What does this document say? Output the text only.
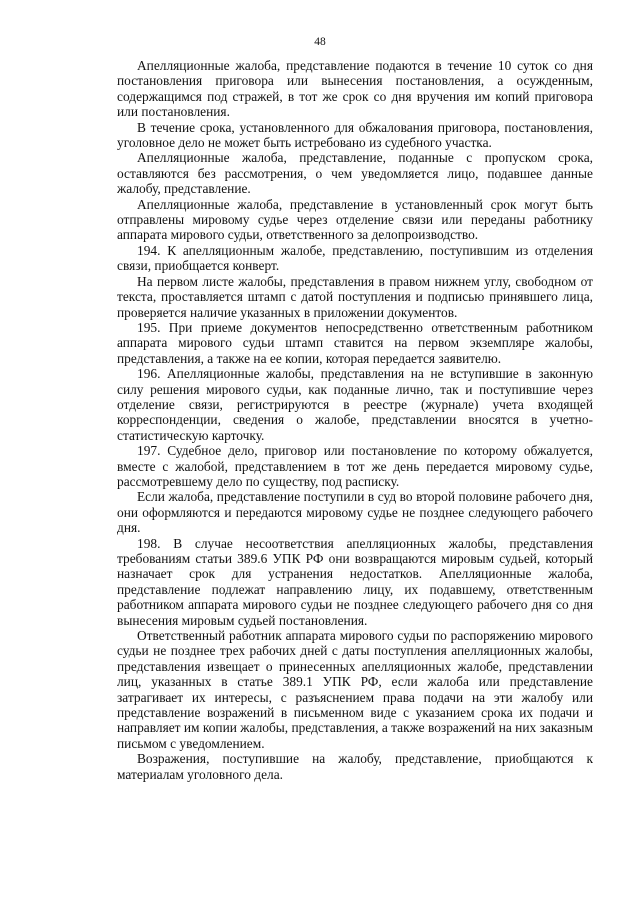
48

Апелляционные жалоба, представление подаются в течение 10 суток со дня постановления приговора или вынесения постановления, а осужденным, содержащимся под стражей, в тот же срок со дня вручения им копий приговора или постановления.

В течение срока, установленного для обжалования приговора, постановления, уголовное дело не может быть истребовано из судебного участка.

Апелляционные жалоба, представление, поданные с пропуском срока, оставляются без рассмотрения, о чем уведомляется лицо, подавшее данные жалобу, представление.

Апелляционные жалоба, представление в установленный срок могут быть отправлены мировому судье через отделение связи или переданы работнику аппарата мирового судьи, ответственного за делопроизводство.

194. К апелляционным жалобе, представлению, поступившим из отделения связи, приобщается конверт.

На первом листе жалобы, представления в правом нижнем углу, свободном от текста, проставляется штамп с датой поступления и подписью принявшего лица, проверяется наличие указанных в приложении документов.

195. При приеме документов непосредственно ответственным работником аппарата мирового судьи штамп ставится на первом экземпляре жалобы, представления, а также на ее копии, которая передается заявителю.

196. Апелляционные жалобы, представления на не вступившие в законную силу решения мирового судьи, как поданные лично, так и поступившие через отделение связи, регистрируются в реестре (журнале) учета входящей корреспонденции, сведения о жалобе, представлении вносятся в учетно-статистическую карточку.

197. Судебное дело, приговор или постановление по которому обжалуется, вместе с жалобой, представлением в тот же день передается мировому судье, рассмотревшему дело по существу, под расписку.

Если жалоба, представление поступили в суд во второй половине рабочего дня, они оформляются и передаются мировому судье не позднее следующего рабочего дня.

198. В случае несоответствия апелляционных жалобы, представления требованиям статьи 389.6 УПК РФ они возвращаются мировым судьей, который назначает срок для устранения недостатков. Апелляционные жалоба, представление подлежат направлению лицу, их подавшему, ответственным работником аппарата мирового судьи не позднее следующего рабочего дня со дня вынесения мировым судьей постановления.

Ответственный работник аппарата мирового судьи по распоряжению мирового судьи не позднее трех рабочих дней с даты поступления апелляционных жалобы, представления извещает о принесенных апелляционных жалобе, представлении лиц, указанных в статье 389.1 УПК РФ, если жалоба или представление затрагивает их интересы, с разъяснением права подачи на эти жалобу или представление возражений в письменном виде с указанием срока их подачи и направляет им копии жалобы, представления, а также возражений на них заказным письмом с уведомлением.

Возражения, поступившие на жалобу, представление, приобщаются к материалам уголовного дела.
